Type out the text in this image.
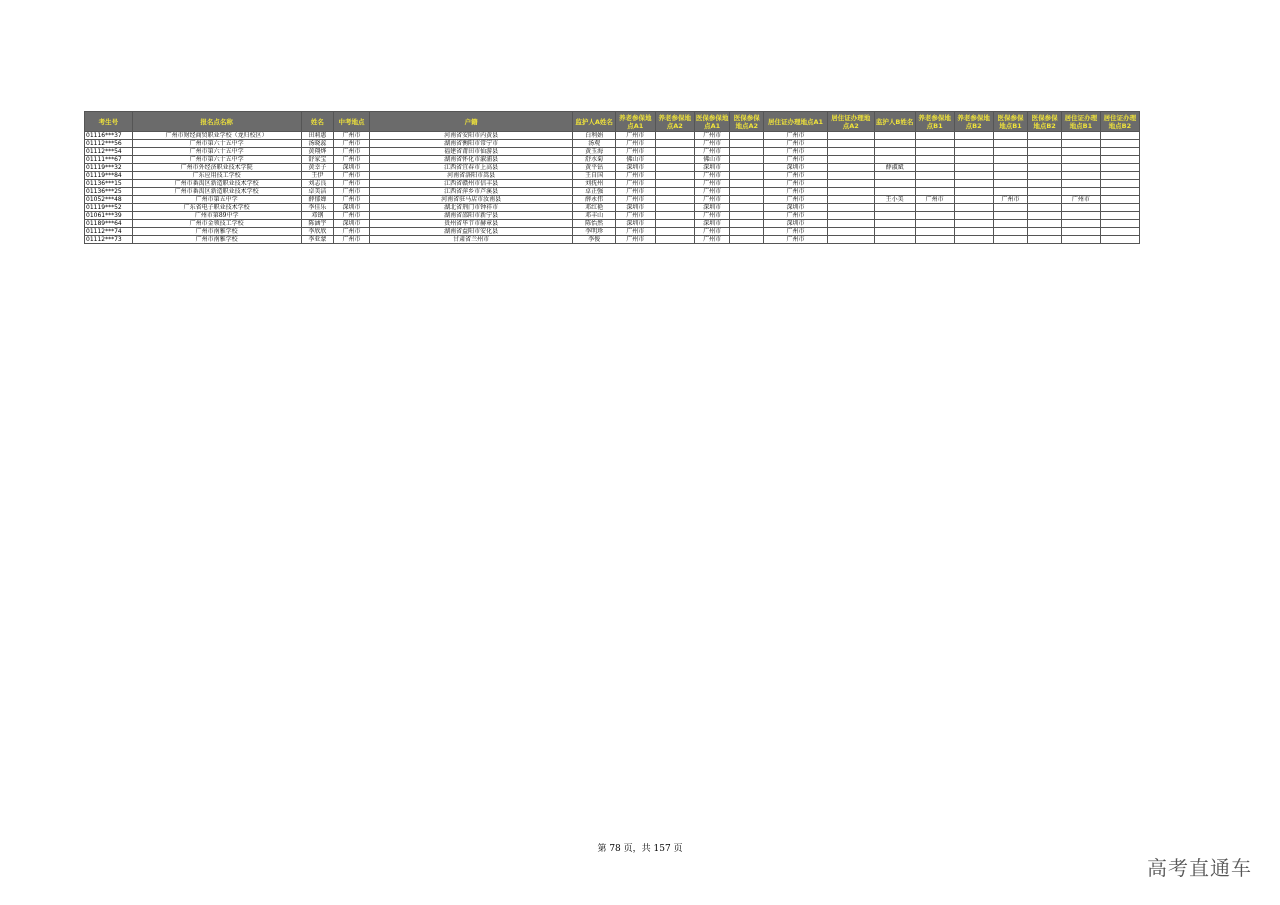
考生号	报名点名称	姓名	中考地点	户籍	监护人A姓名	养老参保地点A1	养老参保地点A2	医保参保地点A1	医保参保地点A2	居住证办理地点A1	居住证办理地点A2	监护人B姓名	养老参保地点B1	养老参保地点B2	医保参保地点B1	医保参保地点B2	居住证办理地点B1	居住证办理地点B2
01116***37	广州市财经商贸职业学校（龙归校区）	田莉惠	广州市	河南省安阳市内黄县	白利娟	广州市		广州市		广州市								
01112***56	广州市第六十五中学	汤晓蕊	广州市	湖南省衡阳市常宁市	汤观	广州市		广州市		广州市								
01112***54	广州市第六十五中学	黄翔烨	广州市	福建省莆田市仙游县	黄玉海	广州市		广州市		广州市								
01111***67	广州市第六十五中学	舒家宝	广州市	湖南省怀化市溆浦县	舒水菊	佛山市		佛山市		广州市								
01119***32	广州市外经济职业技术学院	黄幸子	深圳市	江西省宜春市上高县	黄平钻	深圳市		深圳市		深圳市		薛淑斌						
01119***84	广东应用技工学校	王伊	广州市	河南省洛阳市嵩县	王自国	广州市		广州市		广州市								
01136***15	广州市番禺区新造职业技术学校	刘志良	广州市	江西省赣州市信丰县	刘抚州	广州市		广州市		广州市								
01136***25	广州市番禺区新造职业技术学校	卓美洁	广州市	江西省萍乡市芦溪县	卓正强	广州市		广州市		广州市								
01052***48	广州市第五中学	薛郁婵	广州市	河南省驻马店市汝南县	薛永伟	广州市		广州市		广州市		王小美	广州市		广州市		广州市	
01119***52	广东省电子职业技术学校	李佳乐	深圳市	湖北省荆门市钟祥市	邓红艳	深圳市		深圳市		深圳市								
01061***39	广州市第89中学	邓钢	广州市	湖南省邵阳市新宁县	邓丰山	广州市		广州市		广州市								
01189***64	广州市金领技工学校	陈涵宇	深圳市	贵州省毕节市赫章县	陈怡然	深圳市		深圳市		深圳市								
01112***74	广州市南雅学校	李欣欣	广州市	湖南省益阳市安化县	李明珍	广州市		广州市		广州市								
01112***73	广州市南雅学校	李亚蒙	广州市	甘肃省兰州市	李俊	广州市		广州市		广州市								
第 78 页，共 157 页
高考直通车
